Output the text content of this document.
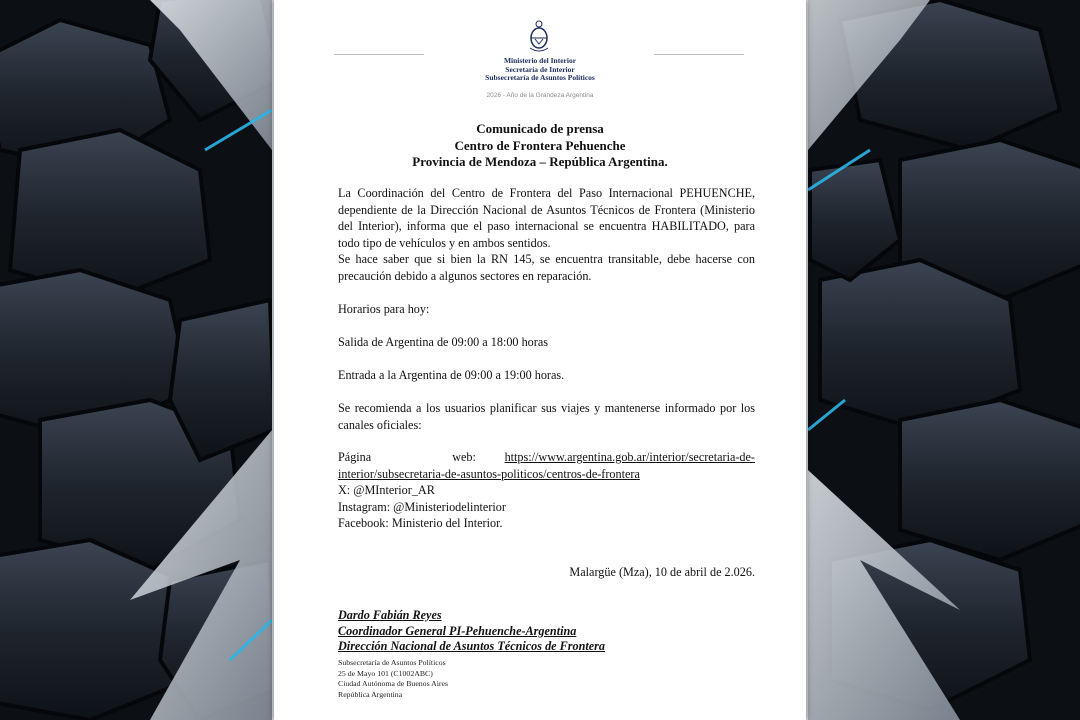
Ministerio del Interior
Secretaría de Interior
Subsecretaría de Asuntos Políticos
2026 - Año de la Grandeza Argentina
Comunicado de prensa
Centro de Frontera Pehuenche
Provincia de Mendoza – República Argentina.
La Coordinación del Centro de Frontera del Paso Internacional PEHUENCHE, dependiente de la Dirección Nacional de Asuntos Técnicos de Frontera (Ministerio del Interior), informa que el paso internacional se encuentra HABILITADO, para todo tipo de vehículos y en ambos sentidos.
Se hace saber que si bien la RN 145, se encuentra transitable, debe hacerse con precaución debido a algunos sectores en reparación.
Horarios para hoy:
Salida de Argentina de 09:00 a 18:00 horas
Entrada a la Argentina de 09:00 a 19:00 horas.
Se recomienda a los usuarios planificar sus viajes y mantenerse informado por los canales oficiales:
Página web: https://www.argentina.gob.ar/interior/secretaria-de-
interior/subsecretaria-de-asuntos-politicos/centros-de-frontera
X: @MInterior_AR
Instagram: @Ministeriodelinterior
Facebook: Ministerio del Interior.
Malargüe (Mza), 10 de abril de 2.026.
Dardo Fabián Reyes
Coordinador General PI-Pehuenche-Argentina
Dirección Nacional de Asuntos Técnicos de Frontera
Subsecretaría de Asuntos Políticos
25 de Mayo 101 (C1002ABC)
Ciudad Autónoma de Buenos Aires
República Argentina
